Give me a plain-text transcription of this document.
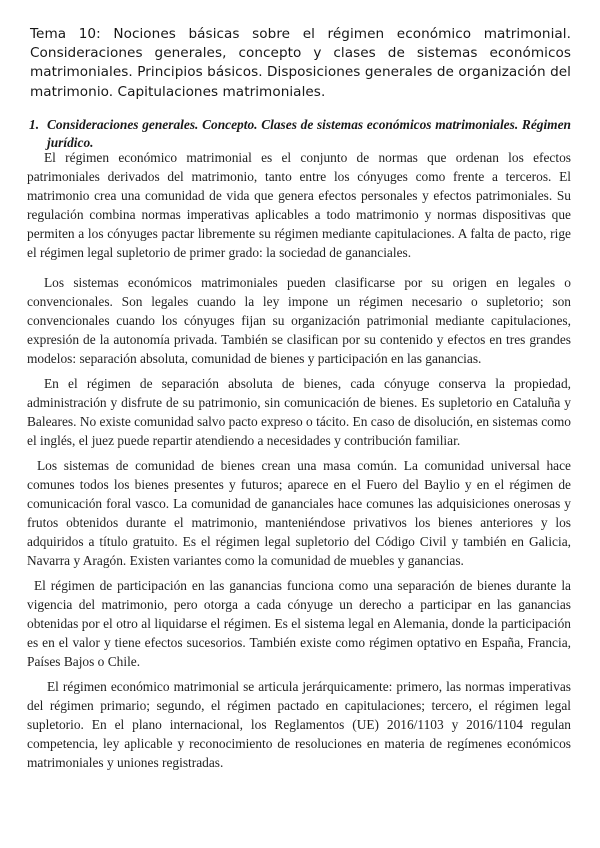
Tema 10: Nociones básicas sobre el régimen económico matrimonial. Consideraciones generales, concepto y clases de sistemas económicos matrimoniales. Principios básicos. Disposiciones generales de organización del matrimonio. Capitulaciones matrimoniales.
1. Consideraciones generales. Concepto. Clases de sistemas económicos matrimoniales. Régimen jurídico.

El régimen económico matrimonial es el conjunto de normas que ordenan los efectos patrimoniales derivados del matrimonio, tanto entre los cónyuges como frente a terceros. El matrimonio crea una comunidad de vida que genera efectos personales y efectos patrimoniales. Su regulación combina normas imperativas aplicables a todo matrimonio y normas dispositivas que permiten a los cónyuges pactar libremente su régimen mediante capitulaciones. A falta de pacto, rige el régimen legal supletorio de primer grado: la sociedad de gananciales.

Los sistemas económicos matrimoniales pueden clasificarse por su origen en legales o convencionales. Son legales cuando la ley impone un régimen necesario o supletorio; son convencionales cuando los cónyuges fijan su organización patrimonial mediante capitulaciones, expresión de la autonomía privada. También se clasifican por su contenido y efectos en tres grandes modelos: separación absoluta, comunidad de bienes y participación en las ganancias.

En el régimen de separación absoluta de bienes, cada cónyuge conserva la propiedad, administración y disfrute de su patrimonio, sin comunicación de bienes. Es supletorio en Cataluña y Baleares. No existe comunidad salvo pacto expreso o tácito. En caso de disolución, en sistemas como el inglés, el juez puede repartir atendiendo a necesidades y contribución familiar.

Los sistemas de comunidad de bienes crean una masa común. La comunidad universal hace comunes todos los bienes presentes y futuros; aparece en el Fuero del Baylio y en el régimen de comunicación foral vasco. La comunidad de gananciales hace comunes las adquisiciones onerosas y frutos obtenidos durante el matrimonio, manteniéndose privativos los bienes anteriores y los adquiridos a título gratuito. Es el régimen legal supletorio del Código Civil y también en Galicia, Navarra y Aragón. Existen variantes como la comunidad de muebles y ganancias.

El régimen de participación en las ganancias funciona como una separación de bienes durante la vigencia del matrimonio, pero otorga a cada cónyuge un derecho a participar en las ganancias obtenidas por el otro al liquidarse el régimen. Es el sistema legal en Alemania, donde la participación es en el valor y tiene efectos sucesorios. También existe como régimen optativo en España, Francia, Países Bajos o Chile.

El régimen económico matrimonial se articula jerárquicamente: primero, las normas imperativas del régimen primario; segundo, el régimen pactado en capitulaciones; tercero, el régimen legal supletorio. En el plano internacional, los Reglamentos (UE) 2016/1103 y 2016/1104 regulan competencia, ley aplicable y reconocimiento de resoluciones en materia de regímenes económicos matrimoniales y uniones registradas.
